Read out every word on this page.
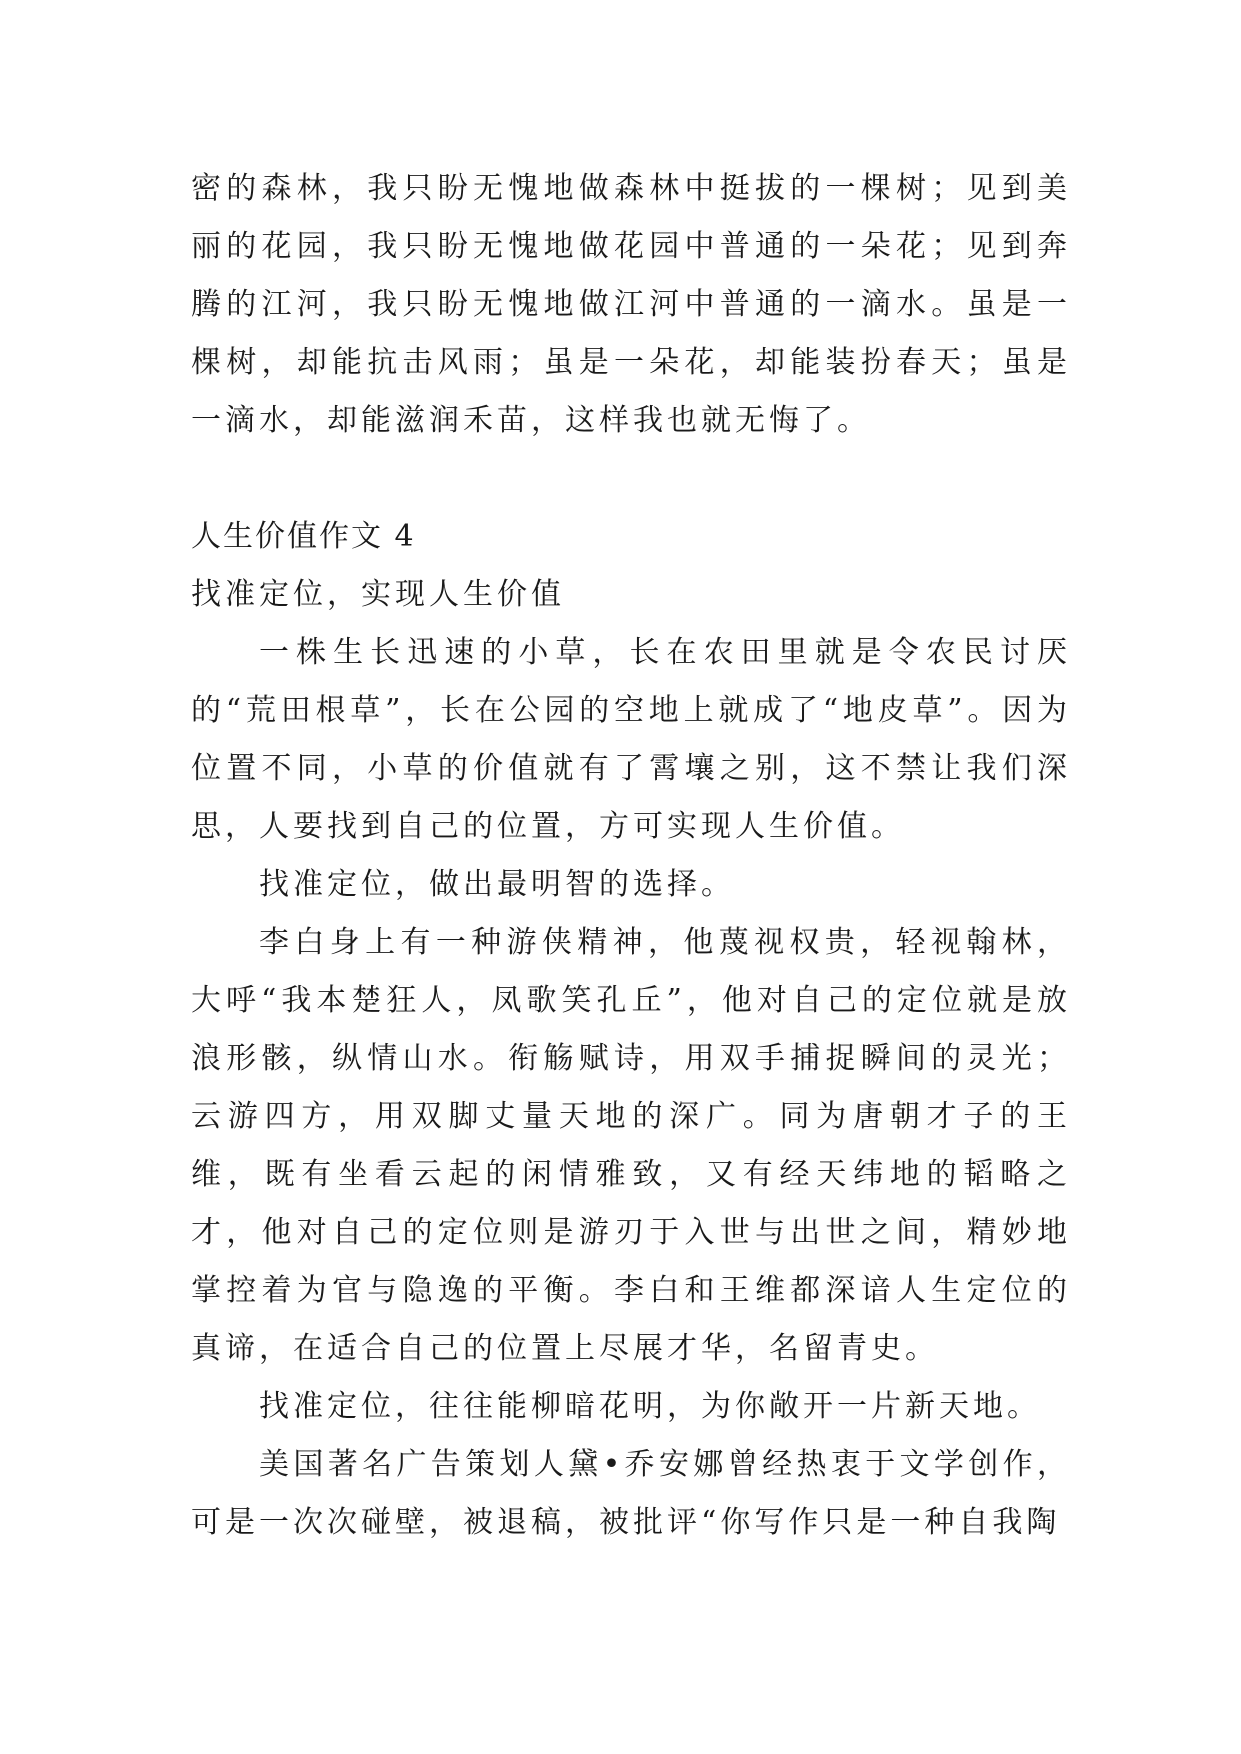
密的森林，我只盼无愧地做森林中挺拔的一棵树；见到美丽的花园，我只盼无愧地做花园中普通的一朵花；见到奔腾的江河，我只盼无愧地做江河中普通的一滴水。虽是一棵树，却能抗击风雨；虽是一朵花，却能装扮春天；虽是一滴水，却能滋润禾苗，这样我也就无悔了。

人生价值作文 4

找准定位，实现人生价值

一株生长迅速的小草，长在农田里就是令农民讨厌的“荒田根草”，长在公园的空地上就成了“地皮草”。因为位置不同，小草的价值就有了霄壤之别，这不禁让我们深思，人要找到自己的位置，方可实现人生价值。

找准定位，做出最明智的选择。

李白身上有一种游侠精神，他蔑视权贵，轻视翰林，大呼“我本楚狂人，凤歌笑孔丘”，他对自己的定位就是放浪形骸，纵情山水。衔觞赋诗，用双手捕捉瞬间的灵光；云游四方，用双脚丈量天地的深广。同为唐朝才子的王维，既有坐看云起的闲情雅致，又有经天纬地的韬略之才，他对自己的定位则是游刃于入世与出世之间，精妙地掌控着为官与隐逸的平衡。李白和王维都深谙人生定位的真谛，在适合自己的位置上尽展才华，名留青史。

找准定位，往往能柳暗花明，为你敞开一片新天地。

美国著名广告策划人黛•乔安娜曾经热衷于文学创作，可是一次次碰壁，被退稿，被批评“你写作只是一种自我陶
